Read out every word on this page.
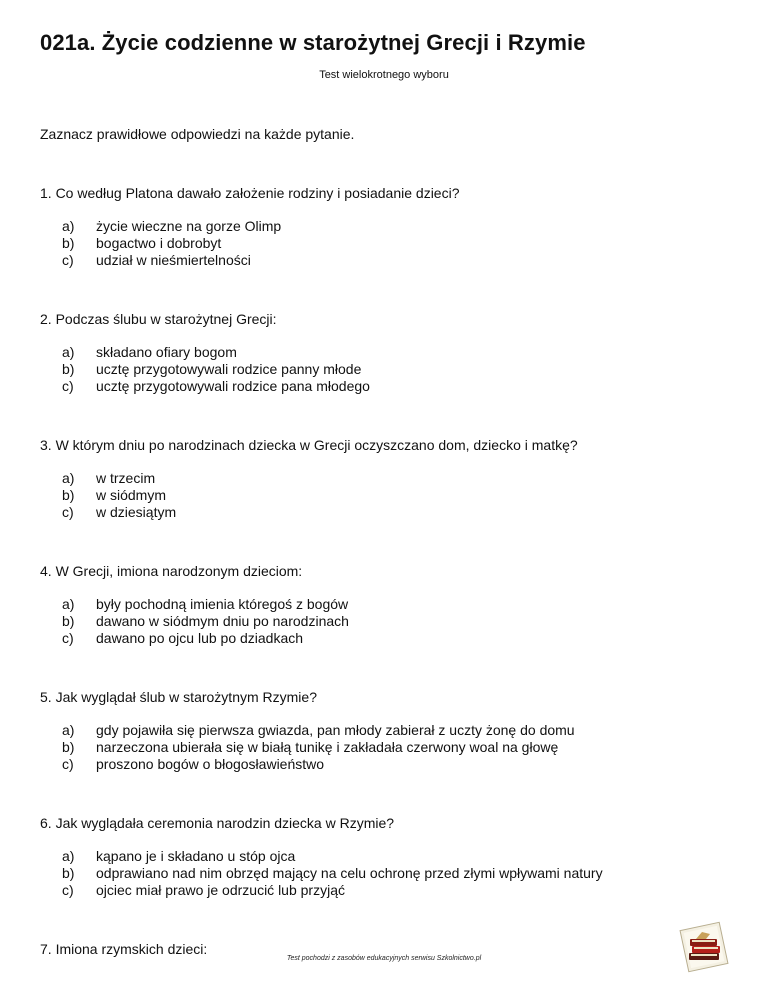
021a. Życie codzienne w starożytnej Grecji i Rzymie
Test wielokrotnego wyboru
Zaznacz prawidłowe odpowiedzi na każde pytanie.
1. Co według Platona dawało założenie rodziny i posiadanie dzieci?
a)	życie wieczne na gorze Olimp
b)	bogactwo i dobrobyt
c)	udział w nieśmiertelności
2. Podczas ślubu w starożytnej Grecji:
a)	składano ofiary bogom
b)	ucztę przygotowywali rodzice panny młode
c)	ucztę przygotowywali rodzice pana młodego
3. W którym dniu po narodzinach dziecka w Grecji oczyszczano dom, dziecko i matkę?
a)	w trzecim
b)	w siódmym
c)	w dziesiątym
4. W Grecji, imiona narodzonym dzieciom:
a)	były pochodną imienia któregoś z bogów
b)	dawano w siódmym dniu po narodzinach
c)	dawano po ojcu lub po dziadkach
5. Jak wyglądał ślub w starożytnym Rzymie?
a)	gdy pojawiła się pierwsza gwiazda, pan młody zabierał z uczty żonę do domu
b)	narzeczona ubierała się w białą tunikę i zakładała czerwony woal na głowę
c)	proszono bogów o błogosławieństwo
6. Jak wyglądała ceremonia narodzin dziecka w Rzymie?
a)	kąpano je i składano u stóp ojca
b)	odprawiano nad nim obrzęd mający na celu ochronę przed złymi wpływami natury
c)	ojciec miał prawo je odrzucić lub przyjąć
7. Imiona rzymskich dzieci:
Test pochodzi z zasobów edukacyjnych serwisu Szkolnictwo.pl
